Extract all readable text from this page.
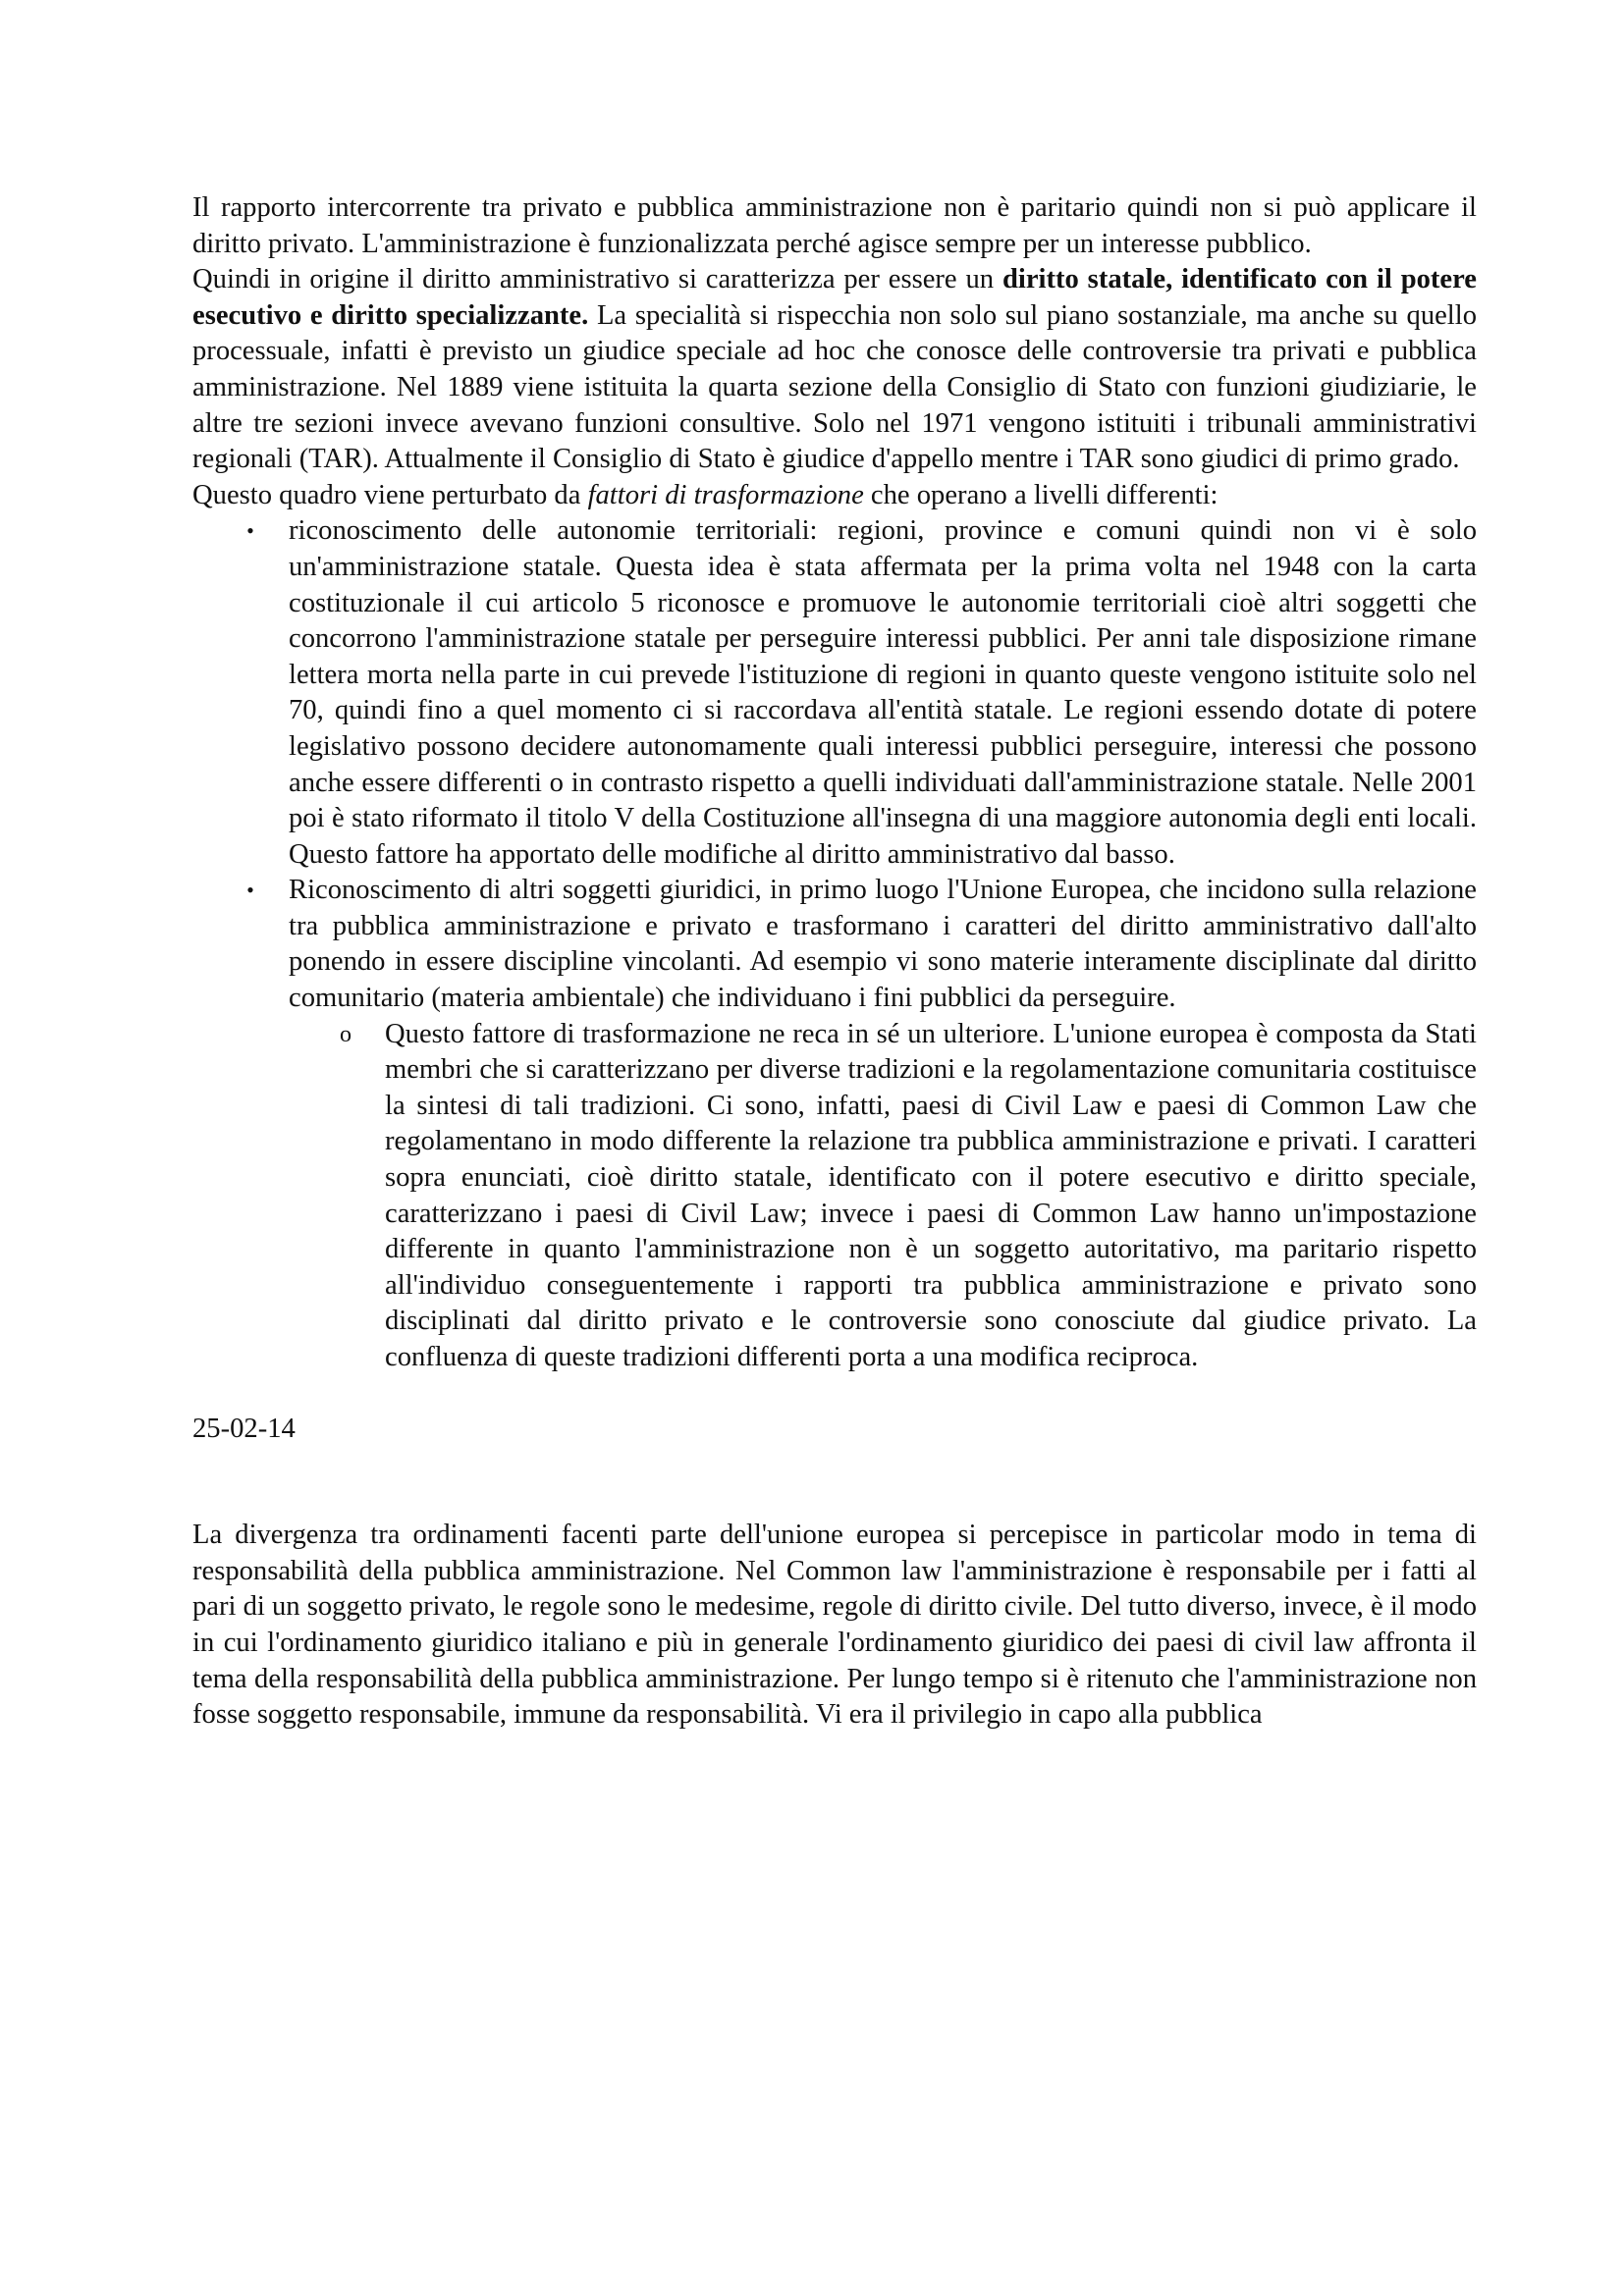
Il rapporto intercorrente tra privato e pubblica amministrazione non è paritario quindi non si può applicare il diritto privato. L'amministrazione è funzionalizzata perché agisce sempre per un interesse pubblico.

Quindi in origine il diritto amministrativo si caratterizza per essere un diritto statale, identificato con il potere esecutivo e diritto specializzante. La specialità si rispecchia non solo sul piano sostanziale, ma anche su quello processuale, infatti è previsto un giudice speciale ad hoc che conosce delle controversie tra privati e pubblica amministrazione. Nel 1889 viene istituita la quarta sezione della Consiglio di Stato con funzioni giudiziarie, le altre tre sezioni invece avevano funzioni consultive. Solo nel 1971 vengono istituiti i tribunali amministrativi regionali (TAR). Attualmente il Consiglio di Stato è giudice d'appello mentre i TAR sono giudici di primo grado.

Questo quadro viene perturbato da fattori di trasformazione che operano a livelli differenti:

• riconoscimento delle autonomie territoriali: regioni, province e comuni quindi non vi è solo un'amministrazione statale. Questa idea è stata affermata per la prima volta nel 1948 con la carta costituzionale il cui articolo 5 riconosce e promuove le autonomie territoriali cioè altri soggetti che concorrono l'amministrazione statale per perseguire interessi pubblici. Per anni tale disposizione rimane lettera morta nella parte in cui prevede l'istituzione di regioni in quanto queste vengono istituite solo nel 70, quindi fino a quel momento ci si raccordava all'entità statale. Le regioni essendo dotate di potere legislativo possono decidere autonomamente quali interessi pubblici perseguire, interessi che possono anche essere differenti o in contrasto rispetto a quelli individuati dall'amministrazione statale. Nelle 2001 poi è stato riformato il titolo V della Costituzione all'insegna di una maggiore autonomia degli enti locali. Questo fattore ha apportato delle modifiche al diritto amministrativo dal basso.
• Riconoscimento di altri soggetti giuridici, in primo luogo l'Unione Europea, che incidono sulla relazione tra pubblica amministrazione e privato e trasformano i caratteri del diritto amministrativo dall'alto ponendo in essere discipline vincolanti. Ad esempio vi sono materie interamente disciplinate dal diritto comunitario (materia ambientale) che individuano i fini pubblici da perseguire.
o Questo fattore di trasformazione ne reca in sé un ulteriore. L'unione europea è composta da Stati membri che si caratterizzano per diverse tradizioni e la regolamentazione comunitaria costituisce la sintesi di tali tradizioni. Ci sono, infatti, paesi di Civil Law e paesi di Common Law che regolamentano in modo differente la relazione tra pubblica amministrazione e privati. I caratteri sopra enunciati, cioè diritto statale, identificato con il potere esecutivo e diritto speciale, caratterizzano i paesi di Civil Law; invece i paesi di Common Law hanno un'impostazione differente in quanto l'amministrazione non è un soggetto autoritativo, ma paritario rispetto all'individuo conseguentemente i rapporti tra pubblica amministrazione e privato sono disciplinati dal diritto privato e le controversie sono conosciute dal giudice privato. La confluenza di queste tradizioni differenti porta a una modifica reciproca.

25-02-14

La divergenza tra ordinamenti facenti parte dell'unione europea si percepisce in particolar modo in tema di responsabilità della pubblica amministrazione. Nel Common law l'amministrazione è responsabile per i fatti al pari di un soggetto privato, le regole sono le medesime, regole di diritto civile. Del tutto diverso, invece, è il modo in cui l'ordinamento giuridico italiano e più in generale l'ordinamento giuridico dei paesi di civil law affronta il tema della responsabilità della pubblica amministrazione. Per lungo tempo si è ritenuto che l'amministrazione non fosse soggetto responsabile, immune da responsabilità. Vi era il privilegio in capo alla pubblica
